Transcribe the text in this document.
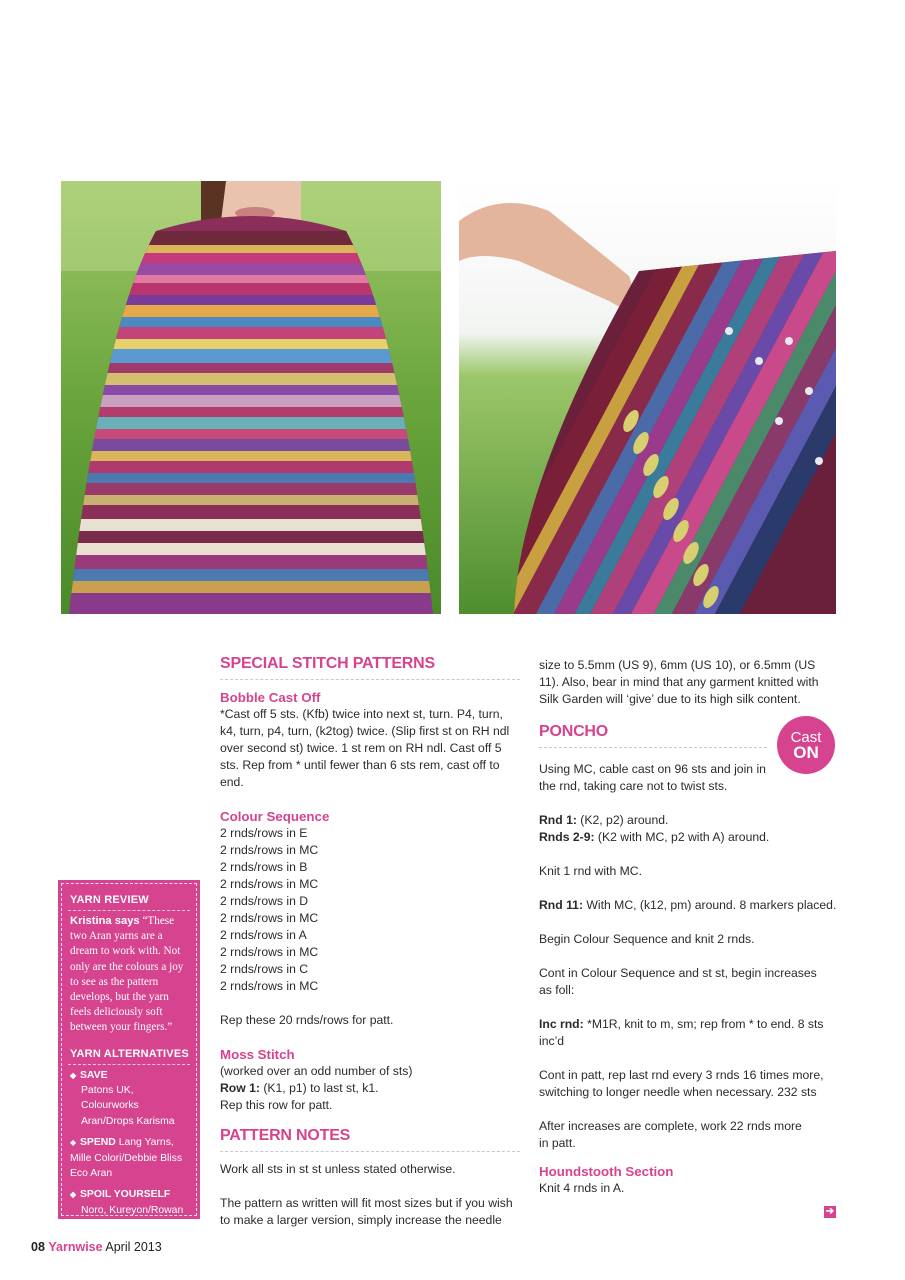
SPECIAL STITCH PATTERNS
Bobble Cast Off

*Cast off 5 sts. (Kfb) twice into next st, turn. P4, turn, k4, turn, p4, turn, (k2tog) twice. (Slip first st on RH ndl over second st) twice. 1 st rem on RH ndl. Cast off 5 sts. Rep from * until fewer than 6 sts rem, cast off to end.

Colour Sequence
2 rnds/rows in E
2 rnds/rows in MC
2 rnds/rows in B
2 rnds/rows in MC
2 rnds/rows in D
2 rnds/rows in MC
2 rnds/rows in A
2 rnds/rows in MC
2 rnds/rows in C
2 rnds/rows in MC

Rep these 20 rnds/rows for patt.

Moss Stitch

(worked over an odd number of sts)

Row 1: (K1, p1) to last st, k1.

Rep this row for patt.

PATTERN NOTES

Work all sts in st st unless stated otherwise.

The pattern as written will fit most sizes but if you wish to make a larger version, simply increase the needle

size to 5.5mm (US 9), 6mm (US 10), or 6.5mm (US 11). Also, bear in mind that any garment knitted with Silk Garden will ‘give’ due to its high silk content.

PONCHO

Using MC, cable cast on 96 sts and join in the rnd, taking care not to twist sts.

Rnd 1: (K2, p2) around.

Rnds 2-9: (K2 with MC, p2 with A) around.

Knit 1 rnd with MC.

Rnd 11: With MC, (k12, pm) around. 8 markers placed.

Begin Colour Sequence and knit 2 rnds.

Cont in Colour Sequence and st st, begin increases as foll:

Inc rnd: *M1R, knit to m, sm; rep from * to end. 8 sts inc’d

Cont in patt, rep last rnd every 3 rnds 16 times more, switching to longer needle when necessary. 232 sts

After increases are complete, work 22 rnds more in patt.

Houndstooth Section

Knit 4 rnds in A.

Cast
ON
YARN REVIEW
Kristina says “These two Aran yarns are a dream to work with. Not only are the colours a joy to see as the pattern develops, but the yarn feels deliciously soft between your fingers.”
YARN ALTERNATIVES
◆ SAVE
Patons UK, Colourworks Aran/Drops Karisma
◆ SPEND Lang Yarns, Mille Colori/Debbie Bliss Eco Aran
◆ SPOIL YOURSELF
Noro, Kureyon/Rowan Felted Tweed Aran
08 Yarnwise April 2013
➔
